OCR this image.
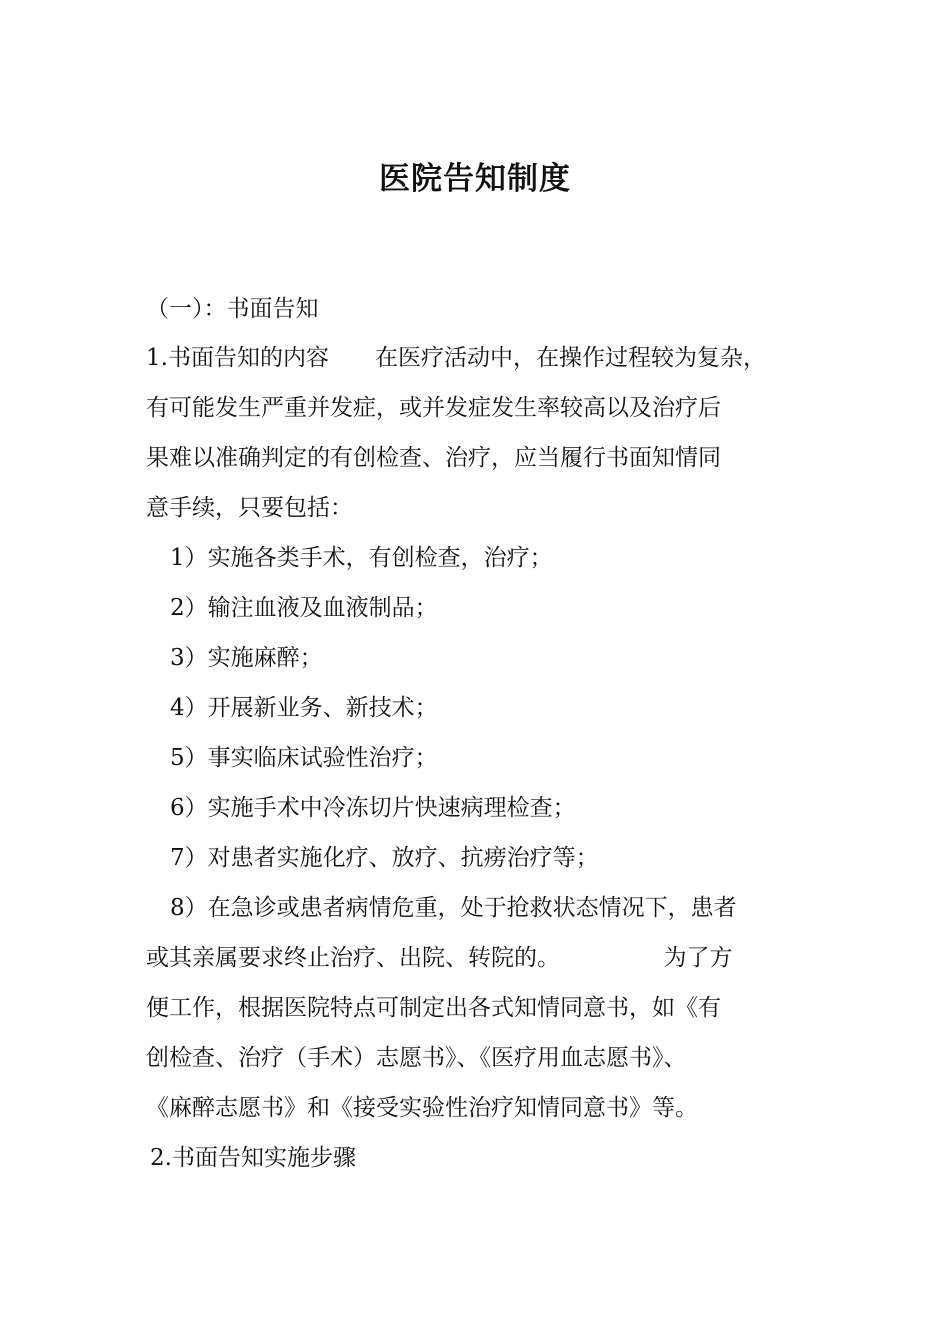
医院告知制度
（一）：书面告知
1.书面告知的内容　　在医疗活动中，在操作过程较为复杂，
有可能发生严重并发症，或并发症发生率较高以及治疗后
果难以准确判定的有创检查、治疗，应当履行书面知情同
意手续，只要包括：
1）实施各类手术，有创检查，治疗；
2）输注血液及血液制品；
3）实施麻醉；
4）开展新业务、新技术；
5）事实临床试验性治疗；
6）实施手术中冷冻切片快速病理检查；
7）对患者实施化疗、放疗、抗痨治疗等；
8）在急诊或患者病情危重，处于抢救状态情况下，患者
或其亲属要求终止治疗、出院、转院的。　　　　　为了方
便工作，根据医院特点可制定出各式知情同意书，如《有
创检查、治疗（手术）志愿书》、《医疗用血志愿书》、
《麻醉志愿书》和《接受实验性治疗知情同意书》等。
2.书面告知实施步骤
